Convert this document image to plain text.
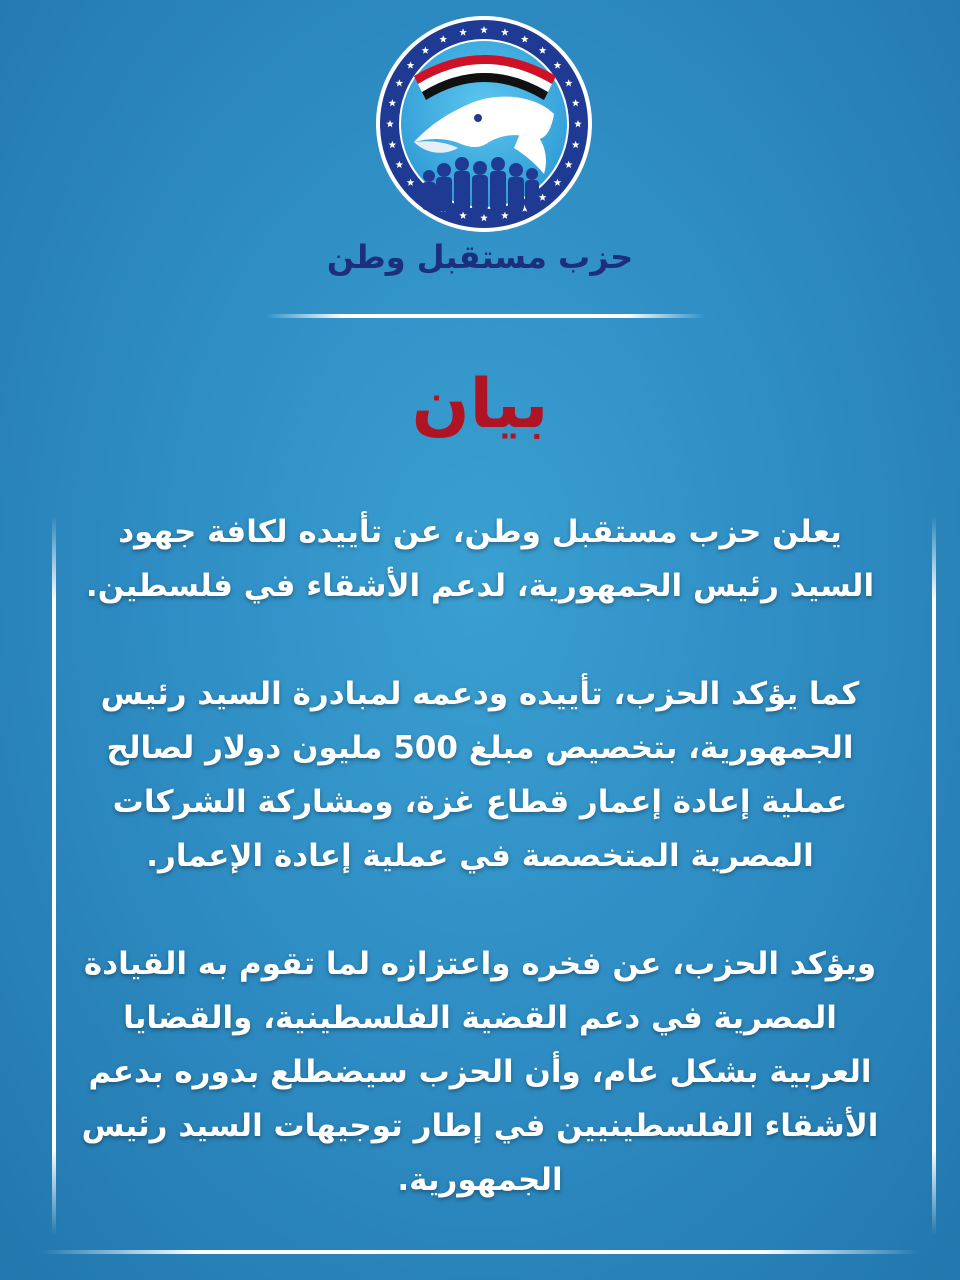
حزب مستقبل وطن
بيان

يعلن حزب مستقبل وطن، عن تأييده لكافة جهود السيد رئيس الجمهورية، لدعم الأشقاء في فلسطين.

كما يؤكد الحزب، تأييده ودعمه لمبادرة السيد رئيس الجمهورية، بتخصيص مبلغ 500 مليون دولار لصالح عملية إعادة إعمار قطاع غزة، ومشاركة الشركات المصرية المتخصصة في عملية إعادة الإعمار.

ويؤكد الحزب، عن فخره واعتزازه لما تقوم به القيادة المصرية في دعم القضية الفلسطينية، والقضايا العربية بشكل عام، وأن الحزب سيضطلع بدوره بدعم الأشقاء الفلسطينيين في إطار توجيهات السيد رئيس الجمهورية.
